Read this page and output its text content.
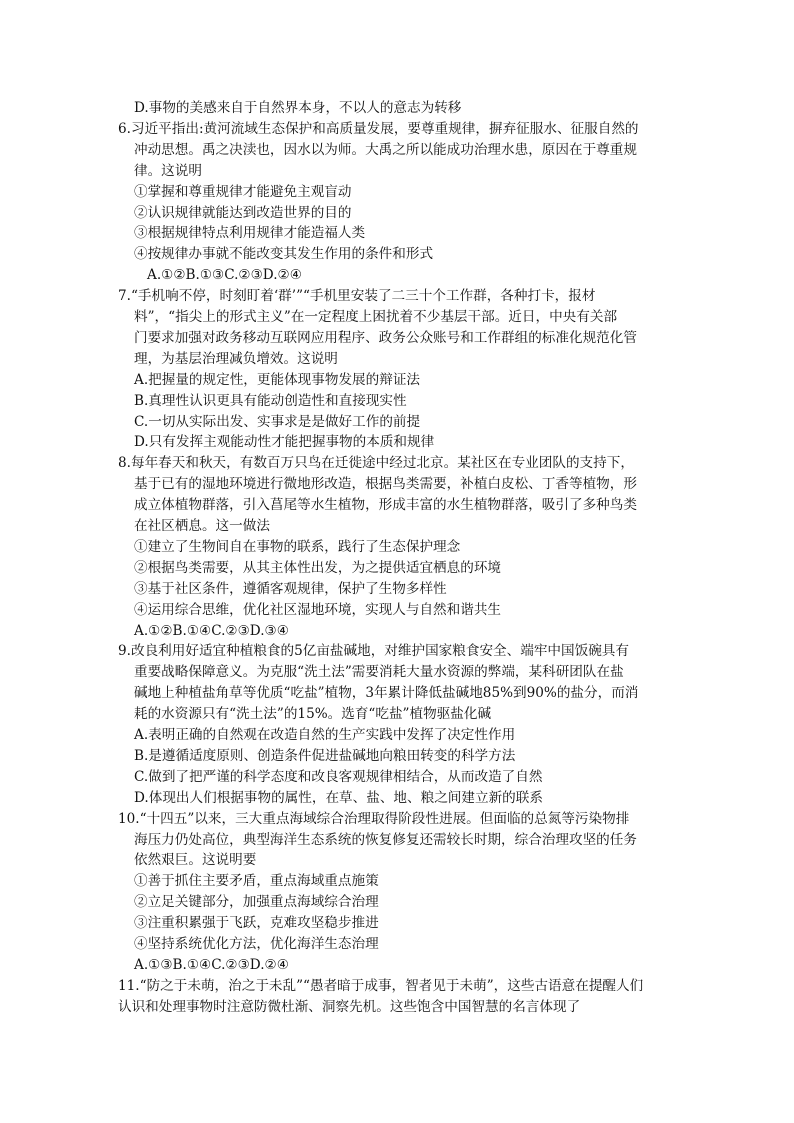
D.事物的美感来自于自然界本身，不以人的意志为转移
6.习近平指出:黄河流域生态保护和高质量发展，要尊重规律，摒弃征服水、征服自然的
冲动思想。禹之决渎也，因水以为师。大禹之所以能成功治理水患，原因在于尊重规
律。这说明
①掌握和尊重规律才能避免主观盲动
②认识规律就能达到改造世界的目的
③根据规律特点利用规律才能造福人类
④按规律办事就不能改变其发生作用的条件和形式
A.①②B.①③C.②③D.②④
7.“手机响不停，时刻盯着‘群’”“手机里安装了二三十个工作群，各种打卡，报材
料”，“指尖上的形式主义”在一定程度上困扰着不少基层干部。近日，中央有关部
门要求加强对政务移动互联网应用程序、政务公众账号和工作群组的标准化规范化管
理，为基层治理减负增效。这说明
A.把握量的规定性，更能体现事物发展的辩证法
B.真理性认识更具有能动创造性和直接现实性
C.一切从实际出发、实事求是是做好工作的前提
D.只有发挥主观能动性才能把握事物的本质和规律
8.每年春天和秋天，有数百万只鸟在迁徙途中经过北京。某社区在专业团队的支持下，
基于已有的湿地环境进行微地形改造，根据鸟类需要，补植白皮松、丁香等植物，形
成立体植物群落，引入菖尾等水生植物，形成丰富的水生植物群落，吸引了多种鸟类
在社区栖息。这一做法
①建立了生物间自在事物的联系，践行了生态保护理念
②根据鸟类需要，从其主体性出发，为之提供适宜栖息的环境
③基于社区条件，遵循客观规律，保护了生物多样性
④运用综合思维，优化社区湿地环境，实现人与自然和谐共生
A.①②B.①④C.②③D.③④
9.改良利用好适宜种植粮食的5亿亩盐碱地，对维护国家粮食安全、端牢中国饭碗具有
重要战略保障意义。为克服“洗土法”需要消耗大量水资源的弊端，某科研团队在盐
碱地上种植盐角草等优质“吃盐”植物，3年累计降低盐碱地85%到90%的盐分，而消
耗的水资源只有“洗土法”的15%。选育“吃盐”植物驱盐化碱
A.表明正确的自然观在改造自然的生产实践中发挥了决定性作用
B.是遵循适度原则、创造条件促进盐碱地向粮田转变的科学方法
C.做到了把严谨的科学态度和改良客观规律相结合，从而改造了自然
D.体现出人们根据事物的属性，在草、盐、地、粮之间建立新的联系
10.“十四五”以来，三大重点海域综合治理取得阶段性进展。但面临的总氮等污染物排
海压力仍处高位，典型海洋生态系统的恢复修复还需较长时期，综合治理攻坚的任务
依然艰巨。这说明要
①善于抓住主要矛盾，重点海域重点施策
②立足关键部分，加强重点海域综合治理
③注重积累强于飞跃，克难攻坚稳步推进
④坚持系统优化方法，优化海洋生态治理
A.①③B.①④C.②③D.②④
11.“防之于未萌，治之于未乱”“愚者暗于成事，智者见于未萌”，这些古语意在提醒人们
认识和处理事物时注意防微杜渐、洞察先机。这些饱含中国智慧的名言体现了
